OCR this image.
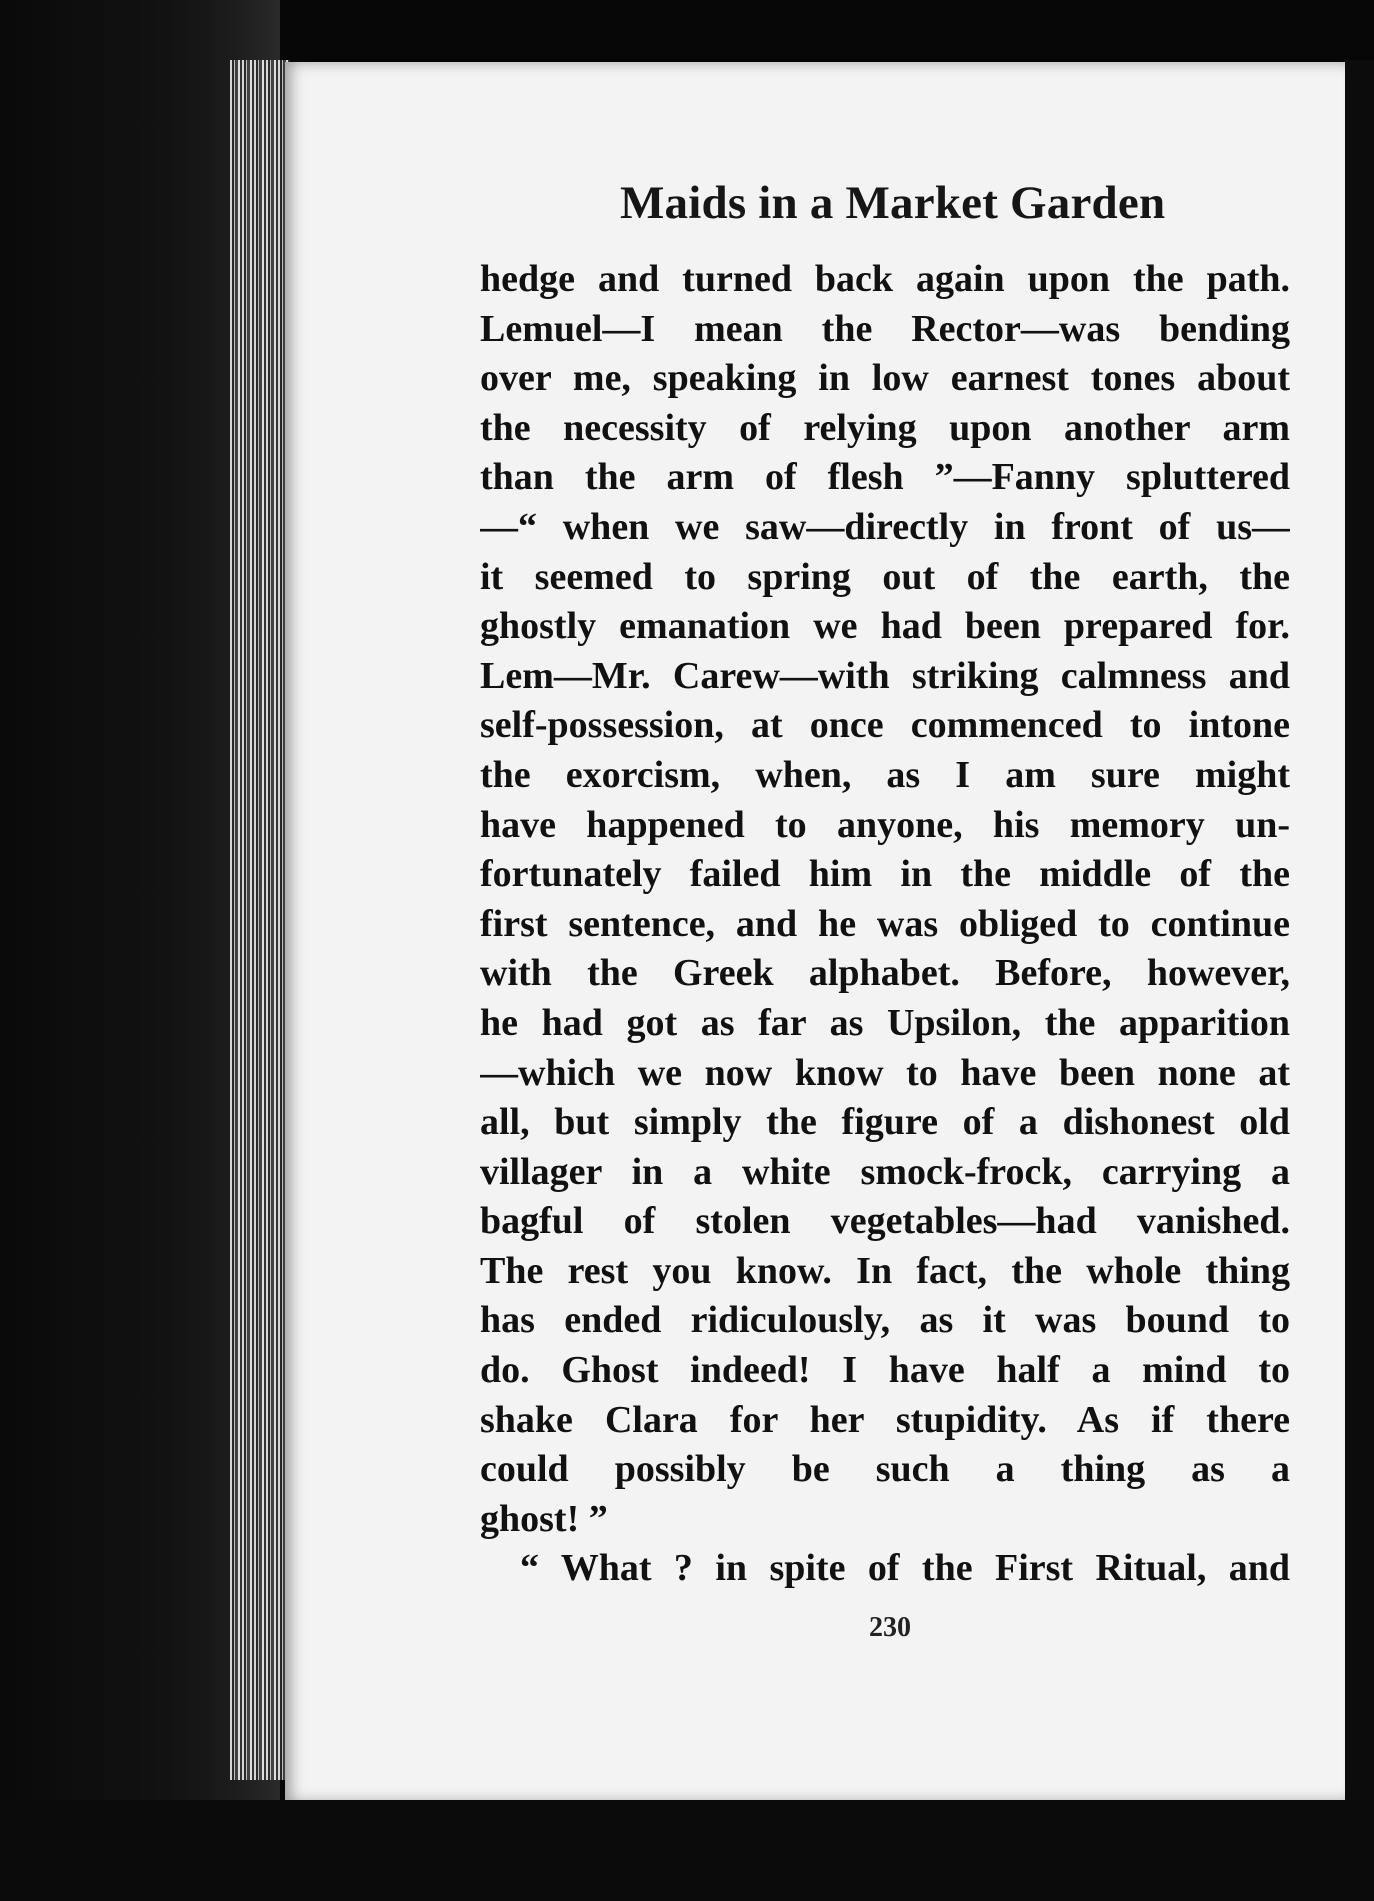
Maids in a Market Garden
hedge and turned back again upon the path.
Lemuel—I mean the Rector—was bending
over me, speaking in low earnest tones about
the necessity of relying upon another arm
than the arm of flesh ”—Fanny spluttered
—“ when we saw—directly in front of us—
it seemed to spring out of the earth, the
ghostly emanation we had been prepared for.
Lem—Mr. Carew—with striking calmness and
self-possession, at once commenced to intone
the exorcism, when, as I am sure might
have happened to anyone, his memory un-
fortunately failed him in the middle of the
first sentence, and he was obliged to continue
with the Greek alphabet. Before, however,
he had got as far as Upsilon, the apparition
—which we now know to have been none at
all, but simply the figure of a dishonest old
villager in a white smock-frock, carrying a
bagful of stolen vegetables—had vanished.
The rest you know. In fact, the whole thing
has ended ridiculously, as it was bound to
do. Ghost indeed! I have half a mind to
shake Clara for her stupidity. As if there
could possibly be such a thing as a
ghost! ”
“ What ? in spite of the First Ritual, and
230
